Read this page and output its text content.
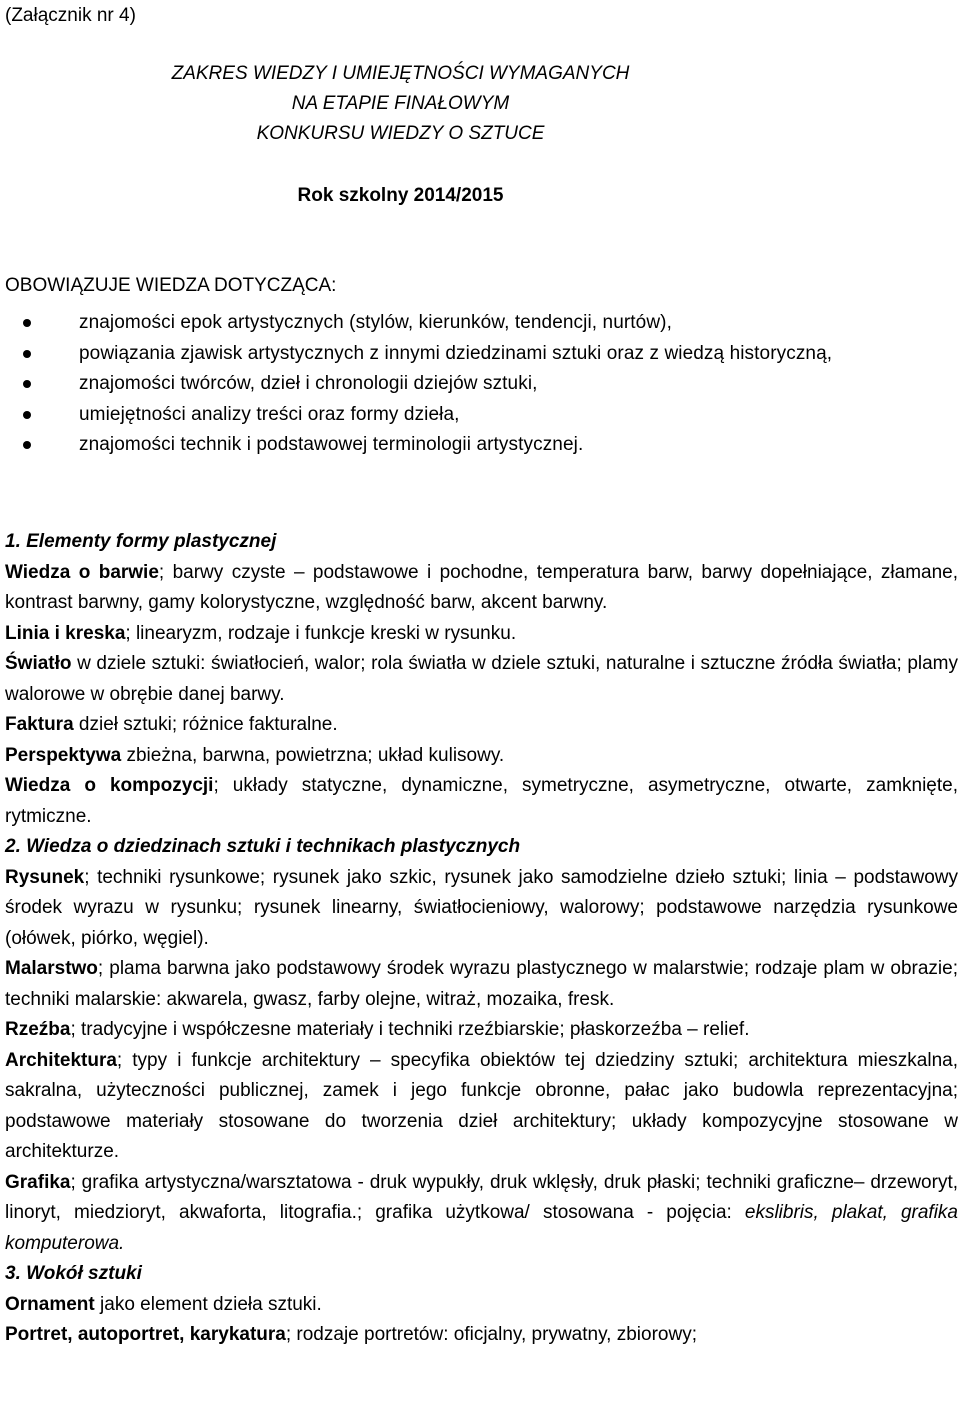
(Załącznik nr 4)
ZAKRES WIEDZY I UMIEJĘTNOŚCI WYMAGANYCH
NA ETAPIE FINAŁOWYM
KONKURSU WIEDZY O SZTUCE
Rok szkolny 2014/2015
OBOWIĄZUJE WIEDZA DOTYCZĄCA:
znajomości epok artystycznych (stylów, kierunków, tendencji, nurtów),
powiązania zjawisk artystycznych z innymi dziedzinami sztuki oraz z wiedzą historyczną,
znajomości twórców, dzieł i chronologii dziejów sztuki,
umiejętności analizy treści oraz formy dzieła,
znajomości technik i podstawowej terminologii artystycznej.

1. Elementy formy plastycznej

Wiedza o barwie; barwy czyste – podstawowe i pochodne, temperatura barw, barwy dopełniające, złamane, kontrast barwny, gamy kolorystyczne, względność barw, akcent barwny.

Linia i kreska; linearyzm, rodzaje i funkcje kreski w rysunku.

Światło w dziele sztuki: światłocień, walor; rola światła w dziele sztuki, naturalne i sztuczne źródła światła; plamy walorowe w obrębie danej barwy.

Faktura dzieł sztuki; różnice fakturalne.

Perspektywa zbieżna, barwna, powietrzna; układ kulisowy.

Wiedza o kompozycji; układy statyczne, dynamiczne, symetryczne, asymetryczne, otwarte, zamknięte, rytmiczne.

2. Wiedza o dziedzinach sztuki i technikach plastycznych

Rysunek; techniki rysunkowe; rysunek jako szkic, rysunek jako samodzielne dzieło sztuki; linia – podstawowy środek wyrazu w rysunku; rysunek linearny, światłocieniowy, walorowy; podstawowe narzędzia rysunkowe (ołówek, piórko, węgiel).

Malarstwo; plama barwna jako podstawowy środek wyrazu plastycznego w malarstwie; rodzaje plam w obrazie; techniki malarskie: akwarela, gwasz, farby olejne, witraż, mozaika, fresk.

Rzeźba; tradycyjne i współczesne materiały i techniki rzeźbiarskie; płaskorzeźba – relief.

Architektura; typy i funkcje architektury – specyfika obiektów tej dziedziny sztuki; architektura mieszkalna, sakralna, użyteczności publicznej, zamek i jego funkcje obronne, pałac jako budowla reprezentacyjna; podstawowe materiały stosowane do tworzenia dzieł architektury; układy kompozycyjne stosowane w architekturze.

Grafika; grafika artystyczna/warsztatowa - druk wypukły, druk wklęsły, druk płaski; techniki graficzne– drzeworyt, linoryt, miedzioryt, akwaforta, litografia.; grafika użytkowa/ stosowana - pojęcia: ekslibris, plakat, grafika komputerowa.

3. Wokół sztuki

Ornament jako element dzieła sztuki.

Portret, autoportret, karykatura; rodzaje portretów: oficjalny, prywatny, zbiorowy;
